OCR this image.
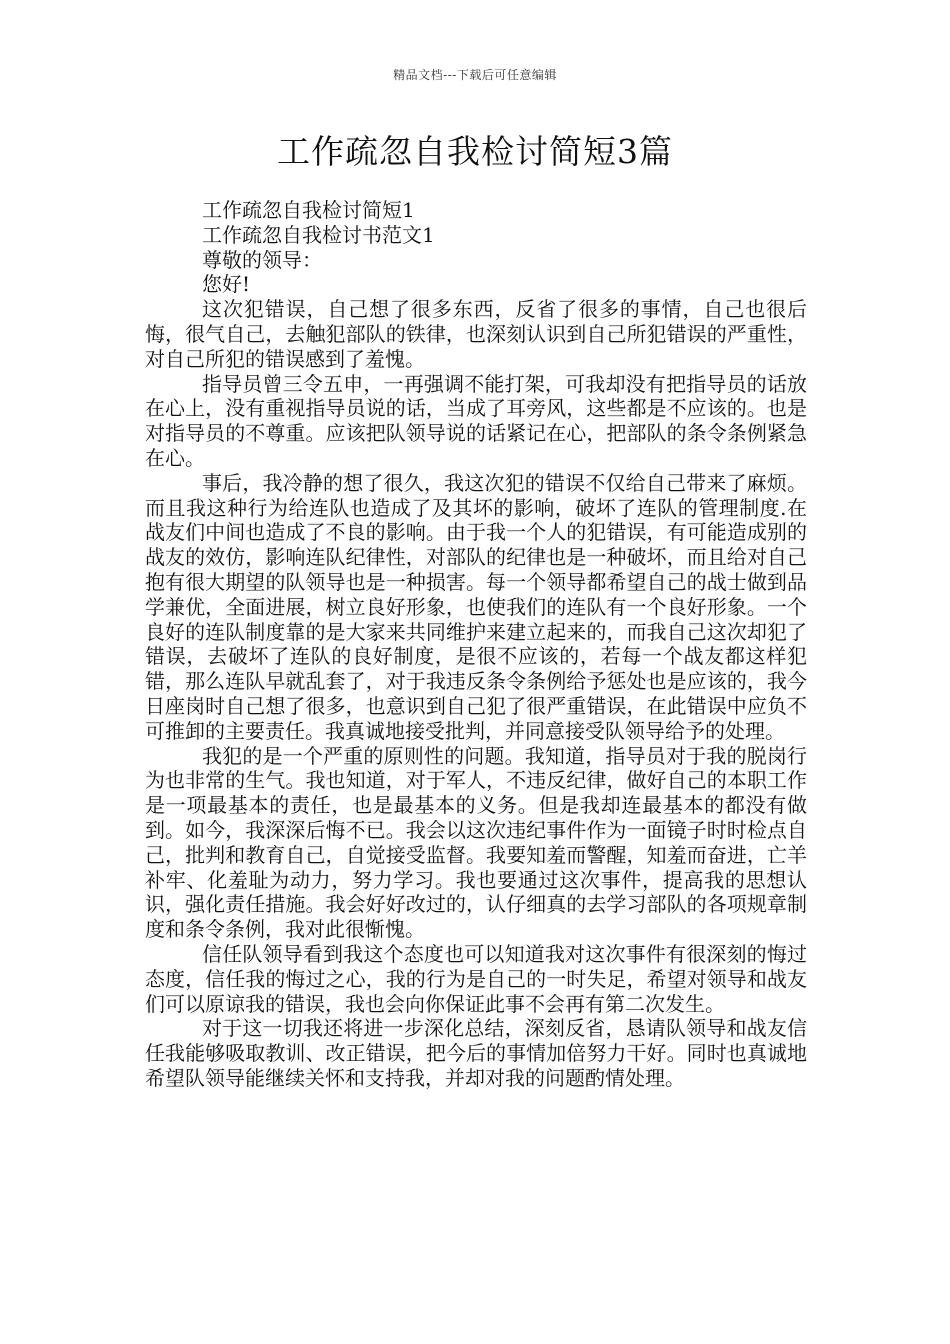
精品文档---下载后可任意编辑
工作疏忽自我检讨简短3篇

工作疏忽自我检讨简短1

工作疏忽自我检讨书范文1

尊敬的领导：

您好!

这次犯错误，自己想了很多东西，反省了很多的事情，自己也很后悔，很气自己，去触犯部队的铁律，也深刻认识到自己所犯错误的严重性，对自己所犯的错误感到了羞愧。

指导员曾三令五申，一再强调不能打架，可我却没有把指导员的话放在心上，没有重视指导员说的话，当成了耳旁风，这些都是不应该的。也是对指导员的不尊重。应该把队领导说的话紧记在心，把部队的条令条例紧急在心。

事后，我冷静的想了很久，我这次犯的错误不仅给自己带来了麻烦。而且我这种行为给连队也造成了及其坏的影响，破坏了连队的管理制度.在战友们中间也造成了不良的影响。由于我一个人的犯错误，有可能造成别的战友的效仿，影响连队纪律性，对部队的纪律也是一种破坏，而且给对自己抱有很大期望的队领导也是一种损害。每一个领导都希望自己的战士做到品学兼优，全面进展，树立良好形象，也使我们的连队有一个良好形象。一个良好的连队制度靠的是大家来共同维护来建立起来的，而我自己这次却犯了错误，去破坏了连队的良好制度，是很不应该的，若每一个战友都这样犯错，那么连队早就乱套了，对于我违反条令条例给予惩处也是应该的，我今日座岗时自己想了很多，也意识到自己犯了很严重错误，在此错误中应负不可推卸的主要责任。我真诚地接受批判，并同意接受队领导给予的处理。

我犯的是一个严重的原则性的问题。我知道，指导员对于我的脱岗行为也非常的生气。我也知道，对于军人，不违反纪律，做好自己的本职工作是一项最基本的责任，也是最基本的义务。但是我却连最基本的都没有做到。如今，我深深后悔不已。我会以这次违纪事件作为一面镜子时时检点自己，批判和教育自己，自觉接受监督。我要知羞而警醒，知羞而奋进，亡羊补牢、化羞耻为动力，努力学习。我也要通过这次事件，提高我的思想认识，强化责任措施。我会好好改过的，认仔细真的去学习部队的各项规章制度和条令条例，我对此很惭愧。

信任队领导看到我这个态度也可以知道我对这次事件有很深刻的悔过态度，信任我的悔过之心，我的行为是自己的一时失足，希望对领导和战友们可以原谅我的错误，我也会向你保证此事不会再有第二次发生。

对于这一切我还将进一步深化总结，深刻反省，恳请队领导和战友信任我能够吸取教训、改正错误，把今后的事情加倍努力干好。同时也真诚地希望队领导能继续关怀和支持我，并却对我的问题酌情处理。
